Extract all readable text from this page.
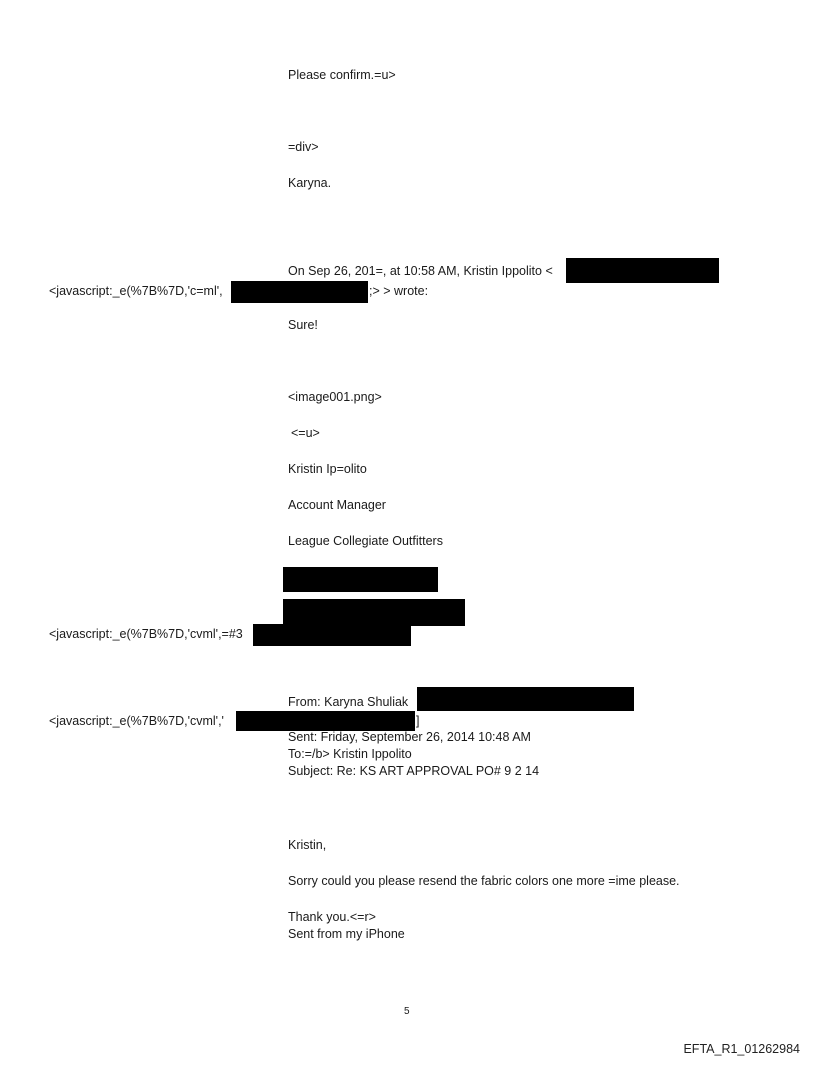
Please confirm.=u>

=div>

Karyna.

On Sep 26, 201=, at 10:58 AM, Kristin Ippolito <

<javascript:_e(%7B%7D,'c=ml',	;> > wrote:

Sure!

<image001.png>

<=u>

Kristin Ip=olito

Account Manager

League Collegiate Outfitters

<javascript:_e(%7B%7D,'cvml',=#3

From: Karyna Shuliak

<javascript:_e(%7B%7D,'cvml','	]

Sent: Friday, September 26, 2014 10:48 AM

To:=/b> Kristin Ippolito

Subject: Re: KS ART APPROVAL PO# 9 2 14

Kristin,

Sorry could you please resend the fabric colors one more =ime please.

Thank you.<=r>

Sent from my iPhone

5

EFTA_R1_01262984
